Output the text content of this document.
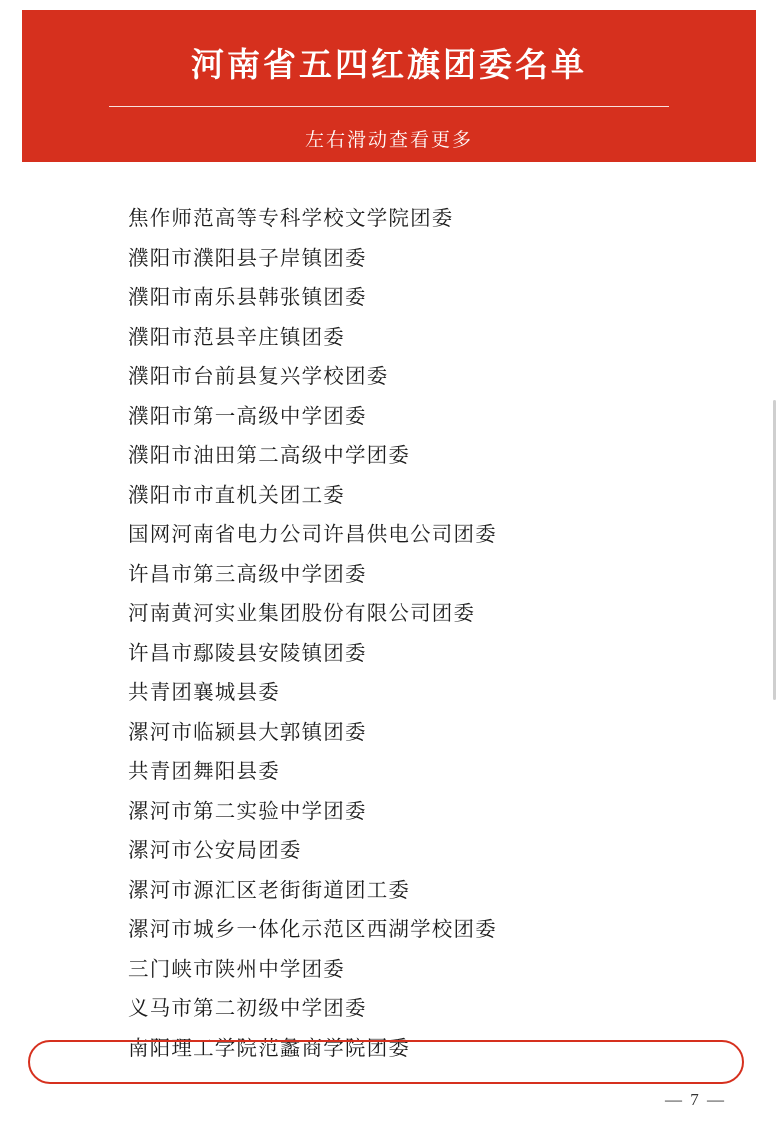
河南省五四红旗团委名单
左右滑动查看更多
焦作师范高等专科学校文学院团委
濮阳市濮阳县子岸镇团委
濮阳市南乐县韩张镇团委
濮阳市范县辛庄镇团委
濮阳市台前县复兴学校团委
濮阳市第一高级中学团委
濮阳市油田第二高级中学团委
濮阳市市直机关团工委
国网河南省电力公司许昌供电公司团委
许昌市第三高级中学团委
河南黄河实业集团股份有限公司团委
许昌市鄢陵县安陵镇团委
共青团襄城县委
漯河市临颍县大郭镇团委
共青团舞阳县委
漯河市第二实验中学团委
漯河市公安局团委
漯河市源汇区老街街道团工委
漯河市城乡一体化示范区西湖学校团委
三门峡市陕州中学团委
义马市第二初级中学团委
南阳理工学院范蠡商学院团委
— 7 —
